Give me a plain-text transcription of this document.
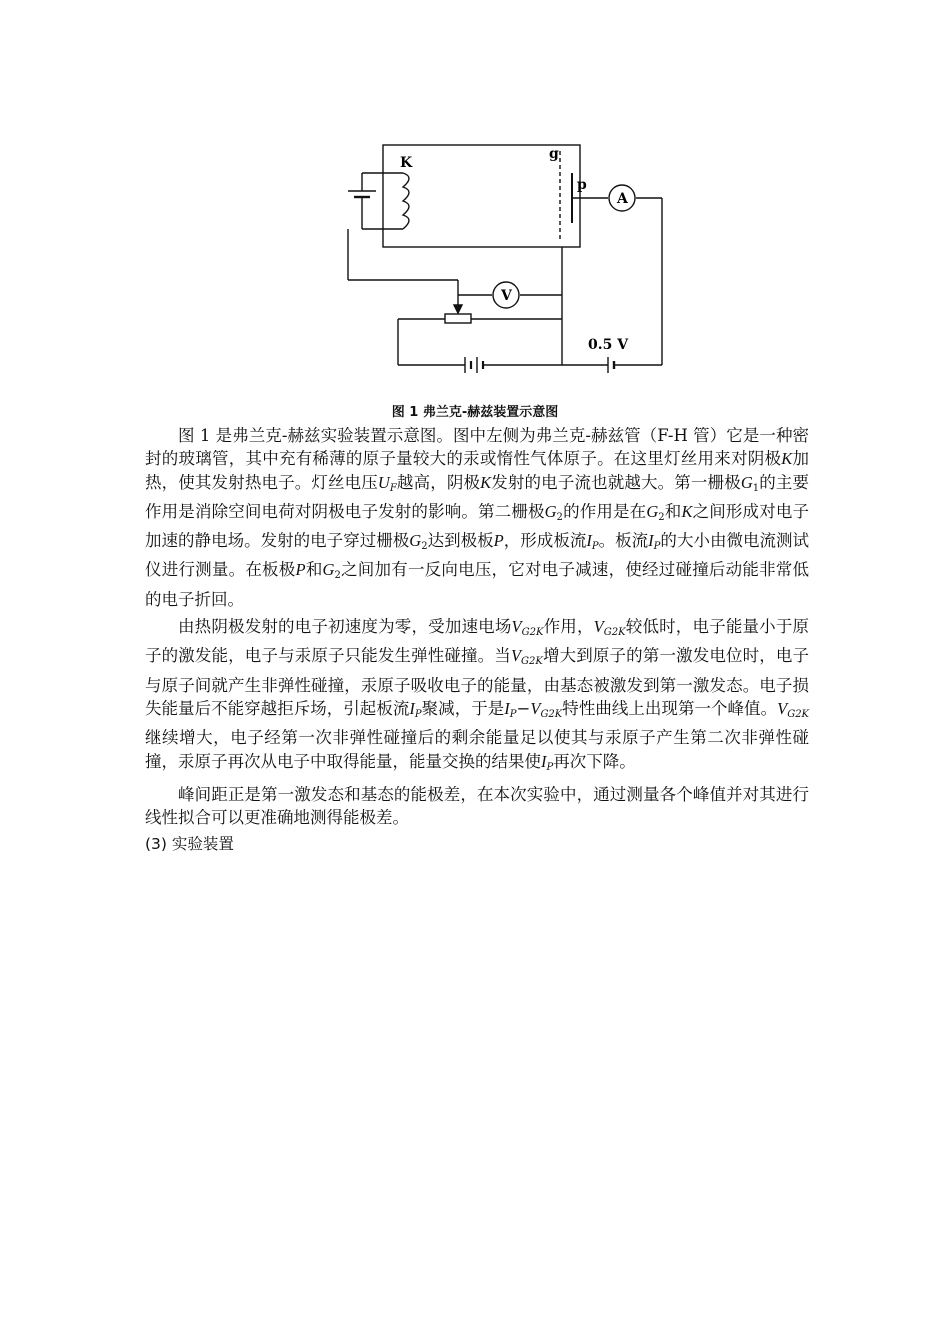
K
g
p
A
V
0.5 V
图 1 弗兰克-赫兹装置示意图

图 1 是弗兰克-赫兹实验装置示意图。图中左侧为弗兰克-赫兹管（F-H 管）它是一种密封的玻璃管，其中充有稀薄的原子量较大的汞或惰性气体原子。在这里灯丝用来对阴极K加热，使其发射热电子。灯丝电压$U_F$越高，阴极K发射的电子流也就越大。第一栅极$G_1$的主要作用是消除空间电荷对阴极电子发射的影响。第二栅极$G_2$的作用是在$G_2$和K之间形成对电子加速的静电场。发射的电子穿过栅极$G_2$达到极板P，形成板流$I_P$。板流$I_P$的大小由微电流测试仪进行测量。在板极P和$G_2$之间加有一反向电压，它对电子减速，使经过碰撞后动能非常低的电子折回。

由热阴极发射的电子初速度为零，受加速电场$V_{G2K}$作用，$V_{G2K}$较低时，电子能量小于原子的激发能，电子与汞原子只能发生弹性碰撞。当$V_{G2K}$增大到原子的第一激发电位时，电子与原子间就产生非弹性碰撞，汞原子吸收电子的能量，由基态被激发到第一激发态。电子损失能量后不能穿越拒斥场，引起板流$I_P$聚减，于是$I_P-V_{G2K}$特性曲线上出现第一个峰值。$V_{G2K}$继续增大，电子经第一次非弹性碰撞后的剩余能量足以使其与汞原子产生第二次非弹性碰撞，汞原子再次从电子中取得能量，能量交换的结果使$I_P$再次下降。

峰间距正是第一激发态和基态的能极差，在本次实验中，通过测量各个峰值并对其进行线性拟合可以更准确地测得能极差。

(3) 实验装置
